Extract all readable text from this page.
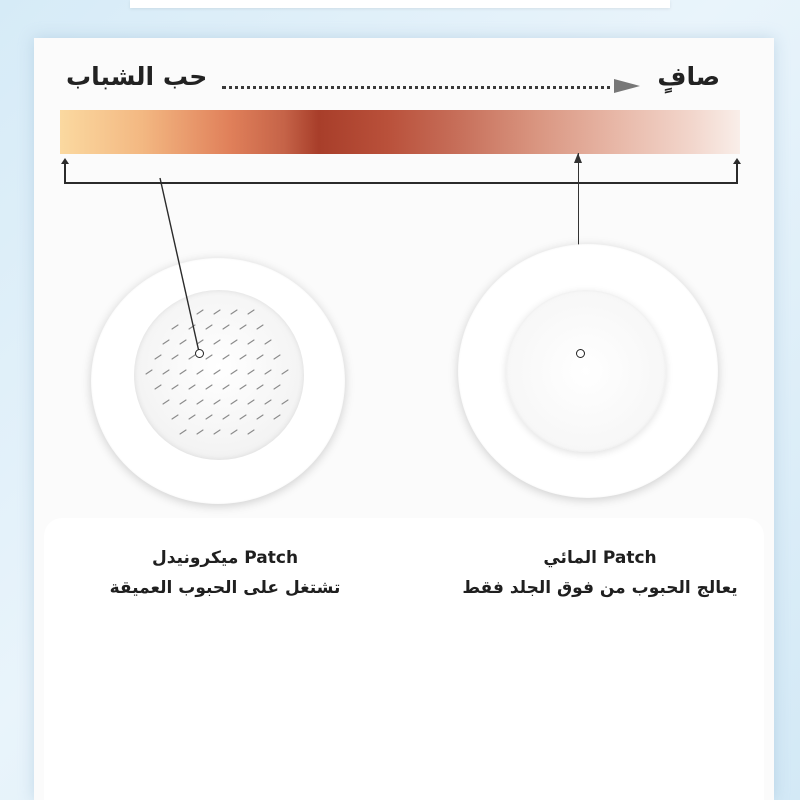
حب الشباب	صافٍ
Patch ميكرونيدل
تشتغل على الحبوب العميقة
Patch المائي
يعالج الحبوب من فوق الجلد فقط
